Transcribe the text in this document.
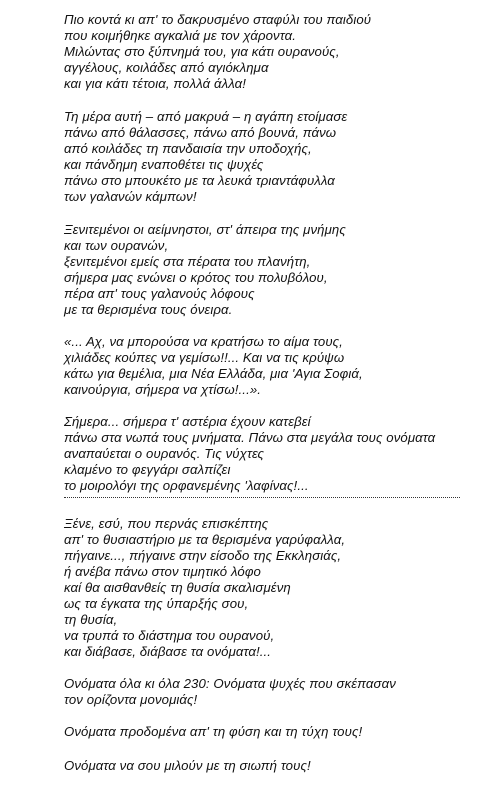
Πιο κοντά κι απ' το δακρυσμένο σταφύλι του παιδιού
που κοιμήθηκε αγκαλιά με τον χάροντα.
Μιλώντας στο ξύπνημά του, για κάτι ουρανούς,
αγγέλους, κοιλάδες από αγιόκλημα
και για κάτι τέτοια, πολλά άλλα!
Τη μέρα αυτή – από μακρυά – η αγάπη ετοίμασε
πάνω από θάλασσες, πάνω από βουνά, πάνω
από κοιλάδες τη πανδαισία την υποδοχής,
και πάνδημη εναποθέτει τις ψυχές
πάνω στο μπουκέτο με τα λευκά τριαντάφυλλα
των γαλανών κάμπων!
Ξενιτεμένοι οι αείμνηστοι, στ' άπειρα της μνήμης
και των ουρανών,
ξενιτεμένοι εμείς στα πέρατα του πλανήτη,
σήμερα μας ενώνει ο κρότος του πολυβόλου,
πέρα απ' τους γαλανούς λόφους
με τα θερισμένα τους όνειρα.
«... Αχ, να μπορούσα να κρατήσω το αίμα τους,
χιλιάδες κούπες να γεμίσω!!... Και να τις κρύψω
κάτω για θεμέλια, μια Νέα Ελλάδα, μια 'Αγια Σοφιά,
καινούργια, σήμερα να χτίσω!...».
Σήμερα... σήμερα τ' αστέρια έχουν κατεβεί
πάνω στα νωπά τους μνήματα. Πάνω στα μεγάλα τους ονόματα
αναπαύεται ο ουρανός. Τις νύχτες
κλαμένο το φεγγάρι σαλπίζει
το μοιρολόγι της ορφανεμένης 'λαφίνας!...
Ξένε, εσύ, που περνάς επισκέπτης
απ' το θυσιαστήριο με τα θερισμένα γαρύφαλλα,
πήγαινε..., πήγαινε στην είσοδο της Εκκλησιάς,
ή ανέβα πάνω στον τιμητικό λόφο
καί θα αισθανθείς τη θυσία σκαλισμένη
ως τα έγκατα της ύπαρξής σου,
τη θυσία,
να τρυπά το διάστημα του ουρανού,
και διάβασε, διάβασε τα ονόματα!...
Ονόματα όλα κι όλα 230: Ονόματα ψυχές που σκέπασαν
τον ορίζοντα μονομιάς!
Ονόματα προδομένα απ' τη φύση και τη τύχη τους!
Ονόματα να σου μιλούν με τη σιωπή τους!
